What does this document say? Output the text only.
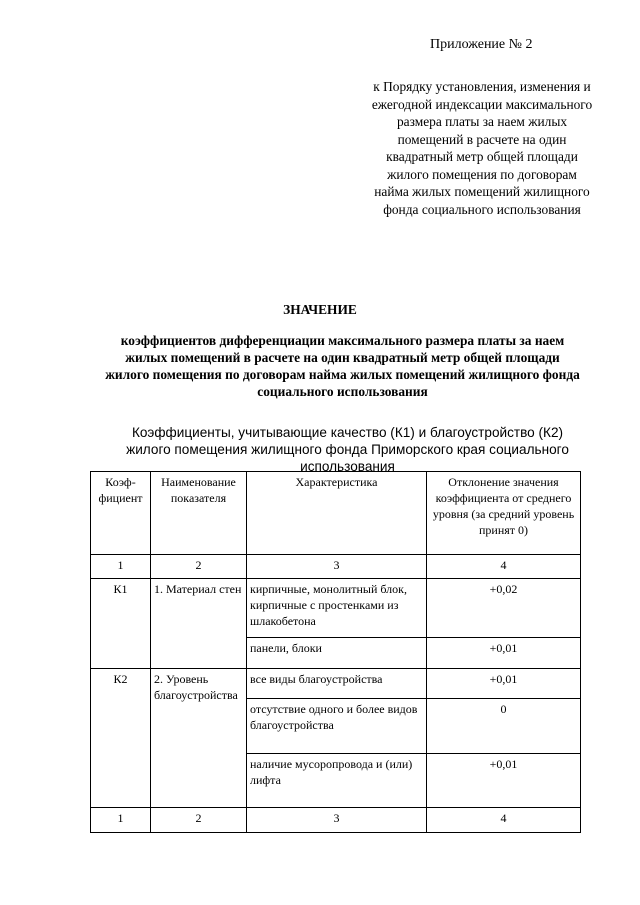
Приложение № 2
к Порядку установления, изменения и ежегодной индексации максимального размера платы за наем жилых помещений в расчете на один квадратный метр общей площади жилого помещения по договорам найма жилых помещений жилищного фонда социального использования
ЗНАЧЕНИЕ
коэффициентов дифференциации максимального размера платы за наем жилых помещений в расчете на один квадратный метр общей площади жилого помещения по договорам найма жилых помещений жилищного фонда социального использования
Коэффициенты, учитывающие качество (К1) и благоустройство (К2) жилого помещения жилищного фонда Приморского края социального использования
Коэф-фициент	Наименование показателя	Характеристика	Отклонение значения коэффициента от среднего уровня (за средний уровень принят 0)
1	2	3	4
К1	1. Материал стен	кирпичные, монолитный блок, кирпичные с простенками из шлакобетона	+0,02
		панели, блоки	+0,01
К2	2. Уровень благоустройства	все виды благоустройства	+0,01
		отсутствие одного и более видов благоустройства	0
		наличие мусоропровода и (или) лифта	+0,01
1	2	3	4
